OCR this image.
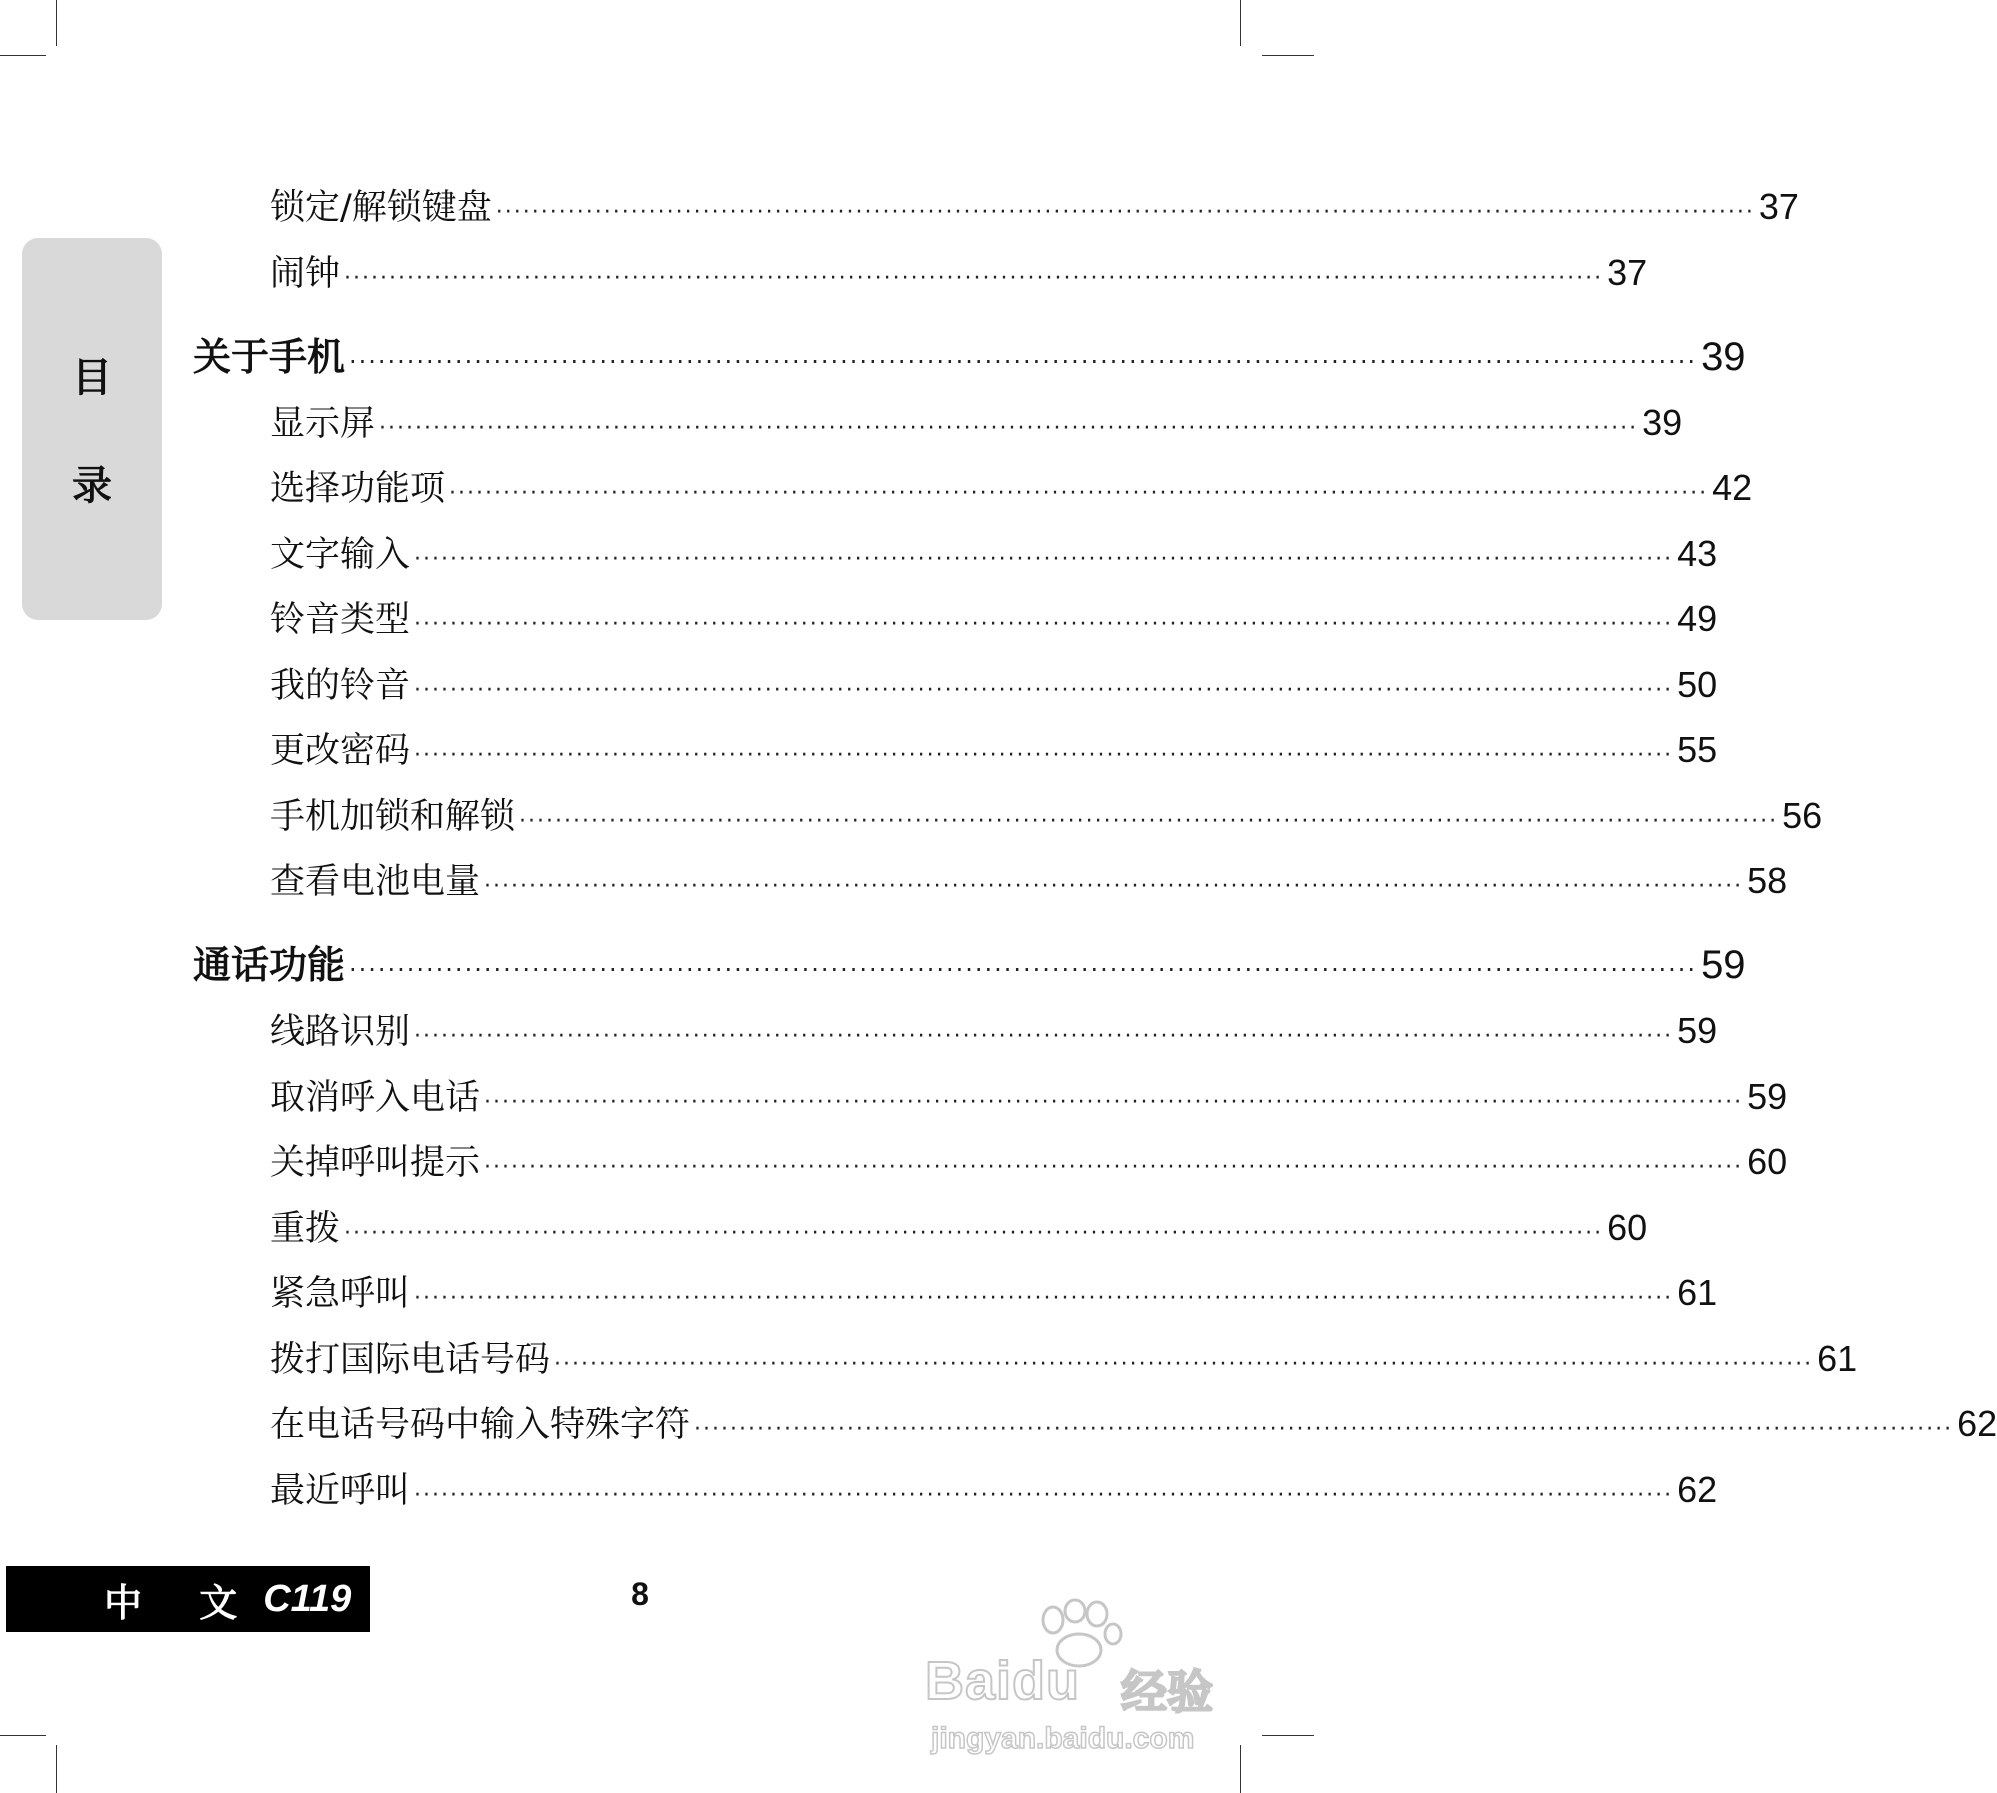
目
录
锁定/解锁键盘 ············································································································································ 37
闹钟 ············································································································································ 37
关于手机 ············································································································································ 39
显示屏 ············································································································································ 39
选择功能项 ············································································································································ 42
文字输入 ············································································································································ 43
铃音类型 ············································································································································ 49
我的铃音 ············································································································································ 50
更改密码 ············································································································································ 55
手机加锁和解锁 ············································································································································ 56
查看电池电量 ············································································································································ 58
通话功能 ············································································································································ 59
线路识别 ············································································································································ 59
取消呼入电话 ············································································································································ 59
关掉呼叫提示 ············································································································································ 60
重拨 ············································································································································ 60
紧急呼叫 ············································································································································ 61
拨打国际电话号码 ············································································································································ 61
在电话号码中输入特殊字符 ············································································································································ 62
最近呼叫 ············································································································································ 62
中 文 C119	8
Baidu 经验
jingyan.baidu.com
